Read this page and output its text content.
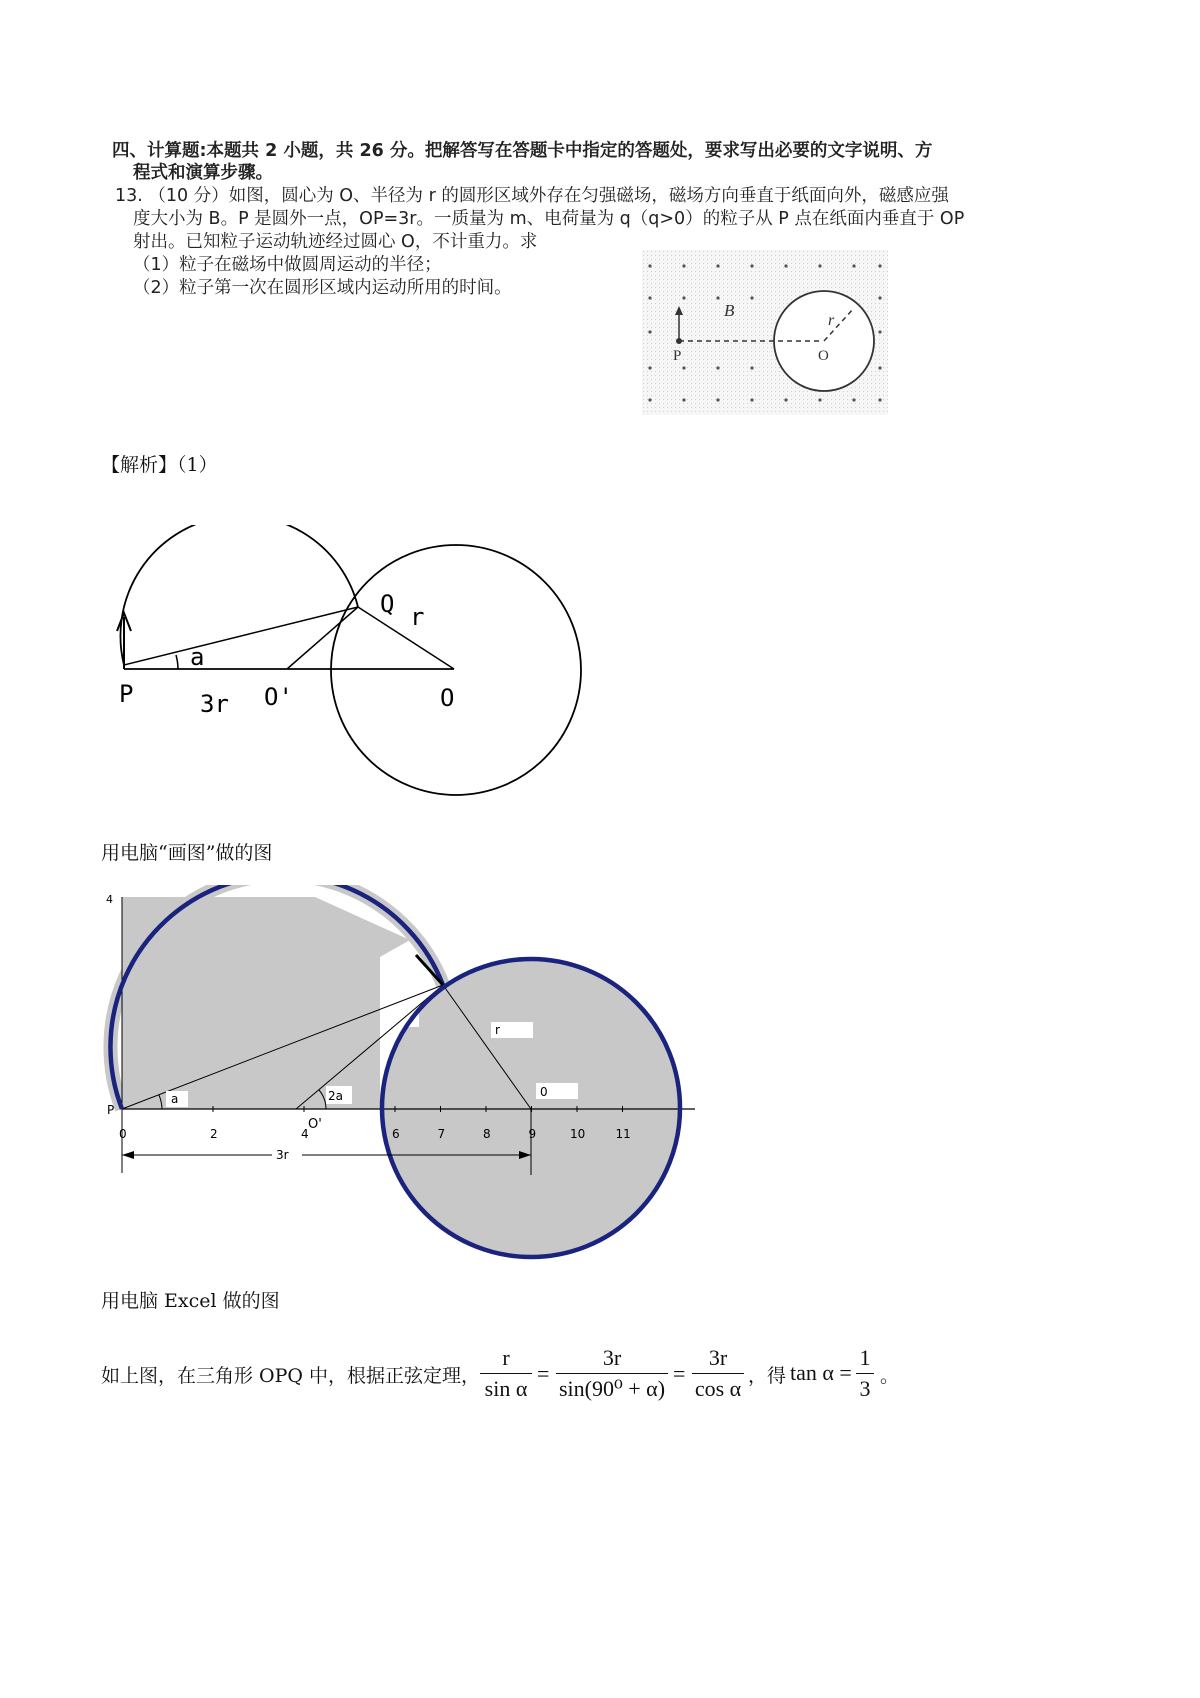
四、计算题:本题共 2 小题，共 26 分。把解答写在答题卡中指定的答题处，要求写出必要的文字说明、方
程式和演算步骤。
13. （10 分）如图，圆心为 O、半径为 r 的圆形区域外存在匀强磁场，磁场方向垂直于纸面向外，磁感应强
度大小为 B。P 是圆外一点，OP=3r。一质量为 m、电荷量为 q（q>0）的粒子从 P 点在纸面内垂直于 OP
射出。已知粒子运动轨迹经过圆心 O，不计重力。求
（1）粒子在磁场中做圆周运动的半径；
（2）粒子第一次在圆形区域内运动所用的时间。
B
r
P	O
【解析】（1）
Q r
a
P	3r O'	O
用电脑“画图”做的图
3r
4
P
0	2	4	6	7	8	9	10	11
r
0
a	2a
O'
用电脑 Excel 做的图
如上图，在三角形 OPQ 中，根据正弦定理，
r
sin α
=
3r
sin(90⁰ + α)
=
3r
cos α ，得 tan α =
1
3 。
